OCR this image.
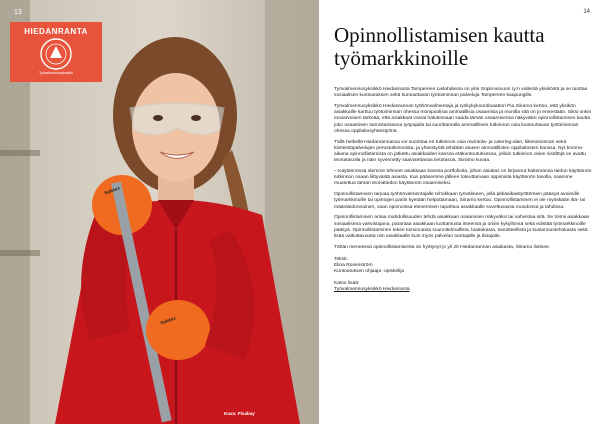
Safetex
Safetex
13
HIEDANRANTA
Työvalmennusyksikkö
Kuva: Pixabay
14
Opinnollistamisen kautta työmarkkinoille

Työvalmennusyksikkö Hiedanranta Tampereen Lielahdessa on yksi Sopimusvuori ry:n viidestä yksiköstä ja se tuottaa sosiaalisen kuntoutuksen sekä kuntouttavan työtoiminnan palveluja Tampereen kaupungille.

Työvalmennusyksikkö Hiedanrannan työhönvalmentaja ja työkykykoordinaattori Pia Siiramo kertoo, että yksikön asiakkaille karttuu työtoiminnan ohessa monipuolisia ammatillisia osaamisia ja monilla sitä on jo ennestään. Siksi onkin ensiarvoisen tärkeää, että asiakkaat voivat halutessaan saada tämän osaamisensa näkyväksi opinnollistamisen kautta joko osaamisen tunnistamisena työpajalla tai suorittamalla ammatillisen tutkinnon osia kuntouttavan työtoiminnan ohessa oppilaitosyhteistyönä.

Tällä hetkellä Hiedanrannassa voi suorittaa eri tutkinnon osia ravintola- ja catering-alan, liiketoiminnan sekä kiinteistöpalvelujen perustutkinnoista, ja yhteistyötä tehdään alueen ammatillisten oppilaitosten kanssa. Nyt korona-aikana opinnollistamista on jatkettu asiakkaiden kanssa etäkuntoutuksessa, jolloin tutkinnon osien sisältöjä on avattu teoriatasolla ja näin syvennetty saavutettavaa tietotasoa, Siiramo kuvaa.

– Käytännössä olemme tehneet asiakkaan kanssa portfolioita, johon asiakas on kirjannut hakemansa tiedon käytännön tutkinnon osaan liittyvästä asiasta. Kun pääsemme jälleen toteuttamaan oppimista käytännön tasolla, saamme muutettua tämän teoriatiedon käytännön osaamiseksi.

Opinnollistaminen tarjoaa työhönvalmentajalle tehokkaan työvälineen, jolla pitkäaikaistyöttömien pääsyä avoimille työmarkkinoille tai opintojen pariin kyetään helpottamaan, Siiramo kertoo. Opinnollistaminen ei ole myöskään ikä- tai määräsidonnainen, vaan opinnoissa etenemisen tapahtuu asiakkaalle soveltuvassa muodossa ja tahdissa.

Opinnollistaminen antaa mahdollisuuden tehdä asiakkaan osaamisen näkyväksi tai vahvistaa sitä. Se toimii asiakkaan sosiaalisena vahvistajana, parantaa asiakkaan luottamusta itseensä ja omiin kykyihinsä sekä edistää työmarkkinoille pääsyä. Opinnollistaminen tekee toiminnasta suunnitelmallista, laadukasta, tavoitteellista ja kustannustehokasta sekä lisää vaikuttavuutta niin asiakkaalle kuin myös palvelun tuottajalle ja tilaajalle.

Tähän mennessä opinnollistamisesta on hyötynyt jo yli 20 Hiedanrannan asiakasta, Siiramo iloitsee.

Teksti:
Elina Rosenström
Kuntoutuksen ohjaaja -opiskelija
Katso lisää:
Työvalmennusyksikkö Hiedanranta
